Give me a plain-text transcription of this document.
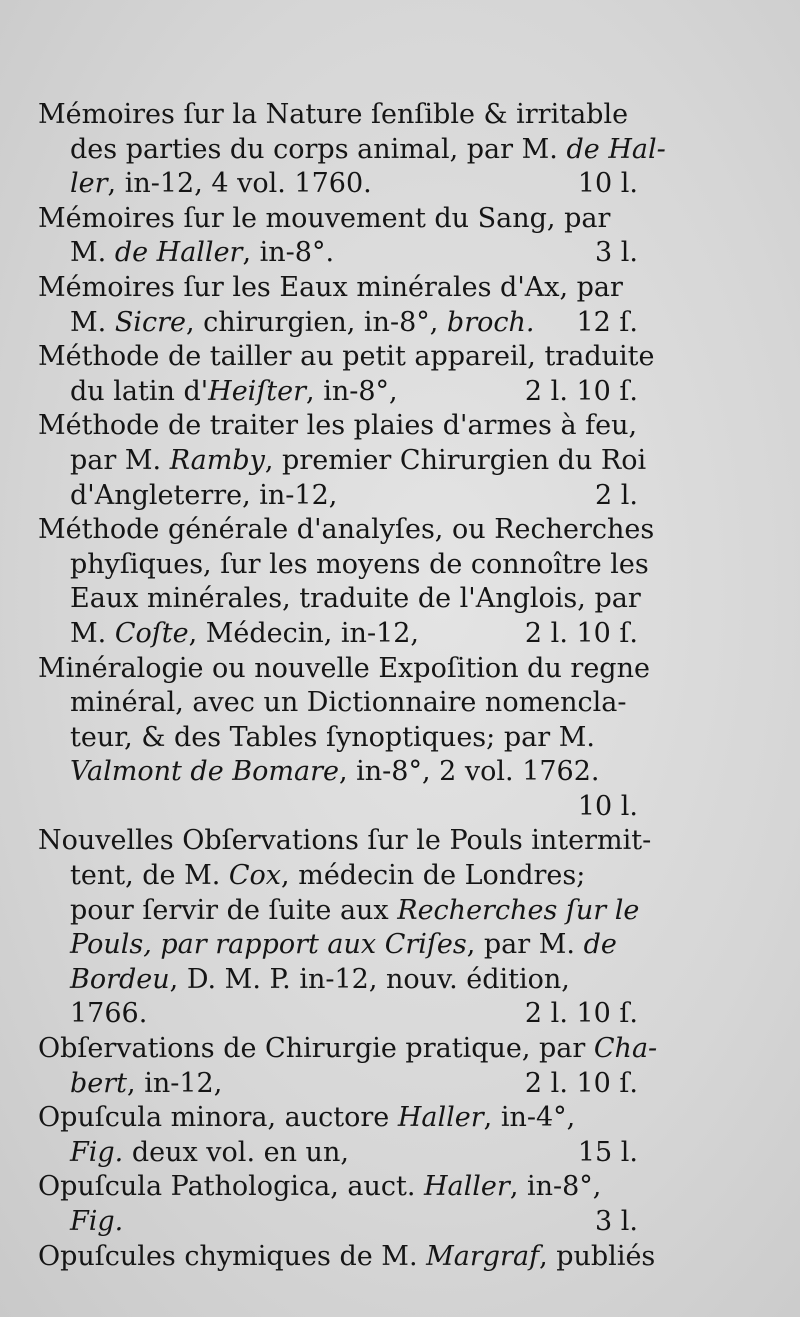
Mémoires ſur la Nature ſenſible & irritable
des parties du corps animal, par M. de Hal-
ler, in-12, 4 vol. 1760.	10 l.
Mémoires ſur le mouvement du Sang, par
M. de Haller, in-8°.	3 l.
Mémoires ſur les Eaux minérales d'Ax, par
M. Sicre, chirurgien, in-8°, broch. 12 ſ.
Méthode de tailler au petit appareil, traduite
du latin d'Heiſter, in-8°,	2 l. 10 ſ.
Méthode de traiter les plaies d'armes à feu,
par M. Ramby, premier Chirurgien du Roi
d'Angleterre, in-12,	2 l.
Méthode générale d'analyſes, ou Recherches
phyſiques, ſur les moyens de connoître les
Eaux minérales, traduite de l'Anglois, par
M. Coſte, Médecin, in-12,	2 l. 10 ſ.
Minéralogie ou nouvelle Expoſition du regne
minéral, avec un Dictionnaire nomencla-
teur, & des Tables ſynoptiques; par M.
Valmont de Bomare, in-8°, 2 vol. 1762.
10 l.
Nouvelles Obſervations ſur le Pouls intermit-
tent, de M. Cox, médecin de Londres;
pour ſervir de ſuite aux Recherches ſur le
Pouls, par rapport aux Criſes, par M. de
Bordeu, D. M. P. in-12, nouv. édition,
1766.	2 l. 10 ſ.
Obſervations de Chirurgie pratique, par Cha-
bert, in-12,	2 l. 10 ſ.
Opuſcula minora, auctore Haller, in-4°,
Fig. deux vol. en un,	15 l.
Opuſcula Pathologica, auct. Haller, in-8°,
Fig.	3 l.
Opuſcules chymiques de M. Margraf, publiés
